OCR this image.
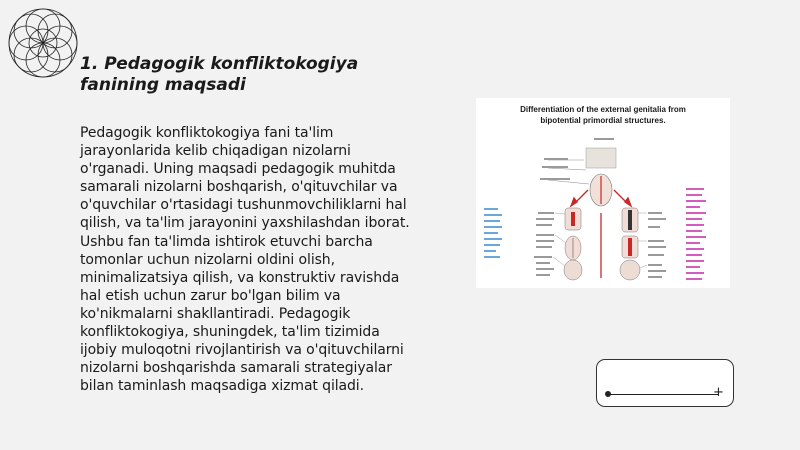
1. Pedagogik konfliktokogiya fanining maqsadi

Pedagogik konfliktokogiya fani ta'lim jarayonlarida kelib chiqadigan nizolarni o'rganadi. Uning maqsadi pedagogik muhitda samarali nizolarni boshqarish, o'qituvchilar va o'quvchilar o'rtasidagi tushunmovchiliklarni hal qilish, va ta'lim jarayonini yaxshilashdan iborat. Ushbu fan ta'limda ishtirok etuvchi barcha tomonlar uchun nizolarni oldini olish, minimalizatsiya qilish, va konstruktiv ravishda hal etish uchun zarur bo'lgan bilim va ko'nikmalarni shakllantiradi. Pedagogik konfliktokogiya, shuningdek, ta'lim tizimida ijobiy muloqotni rivojlantirish va o'qituvchilarni nizolarni boshqarishda samarali strategiyalar bilan taminlash maqsadiga xizmat qiladi.

Differentiation of the external genitalia from
bipotential primordial structures.
+
